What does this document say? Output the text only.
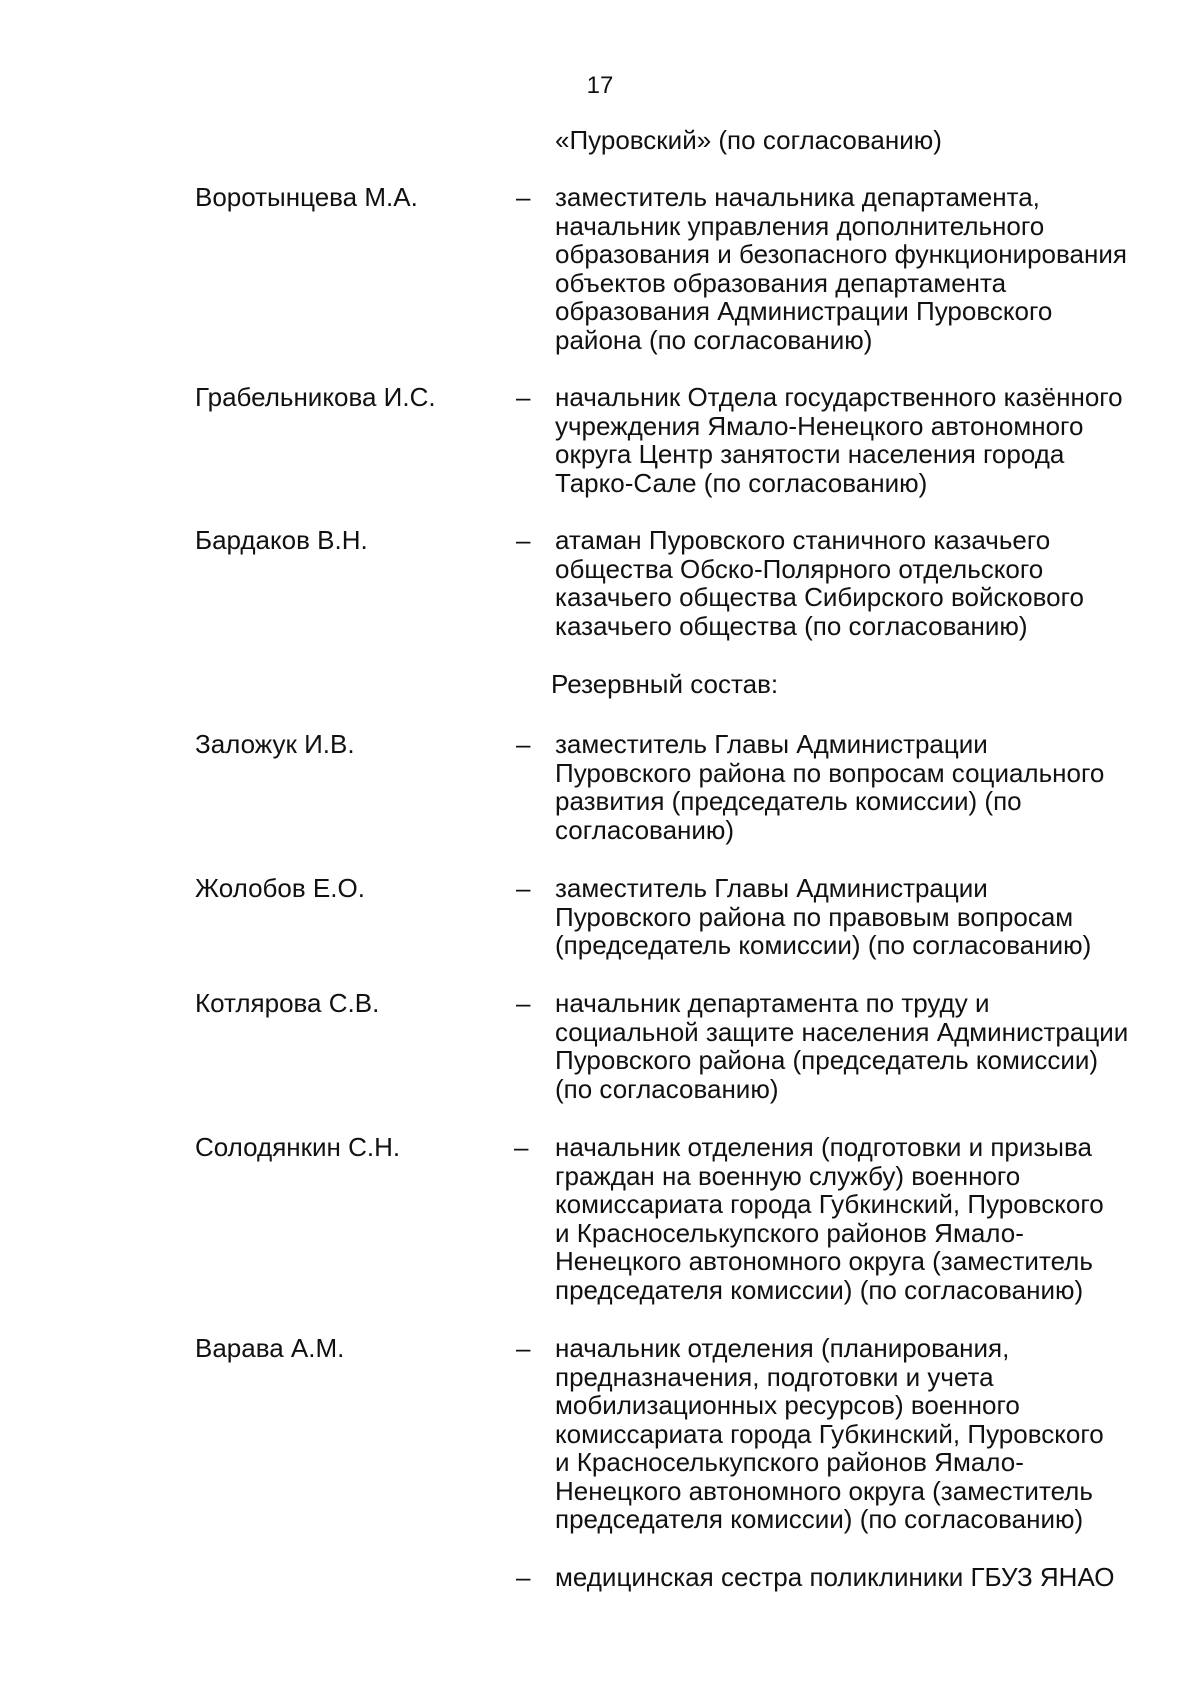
17
«Пуровский» (по согласованию)
Воротынцева М.А.	– заместитель начальника департамента,
начальник управления дополнительного
образования и безопасного функционирования
объектов образования департамента
образования Администрации Пуровского
района (по согласованию)
Грабельникова И.С.	– начальник Отдела государственного казённого
учреждения Ямало-Ненецкого автономного
округа Центр занятости населения города
Тарко-Сале (по согласованию)
Бардаков В.Н.	– атаман Пуровского станичного казачьего
общества Обско-Полярного отдельского
казачьего общества Сибирского войскового
казачьего общества (по согласованию)
Резервный состав:
Заложук И.В.	– заместитель Главы Администрации
Пуровского района по вопросам социального
развития (председатель комиссии) (по
согласованию)
Жолобов Е.О.	– заместитель Главы Администрации
Пуровского района по правовым вопросам
(председатель комиссии) (по согласованию)
Котлярова С.В.	– начальник департамента по труду и
социальной защите населения Администрации
Пуровского района (председатель комиссии)
(по согласованию)
Солодянкин С.Н.	– начальник отделения (подготовки и призыва
граждан на военную службу) военного
комиссариата города Губкинский, Пуровского
и Красноселькупского районов Ямало-
Ненецкого автономного округа (заместитель
председателя комиссии) (по согласованию)
Варава А.М.	– начальник отделения (планирования,
предназначения, подготовки и учета
мобилизационных ресурсов) военного
комиссариата города Губкинский, Пуровского
и Красноселькупского районов Ямало-
Ненецкого автономного округа (заместитель
председателя комиссии) (по согласованию)
– медицинская сестра поликлиники ГБУЗ ЯНАО
